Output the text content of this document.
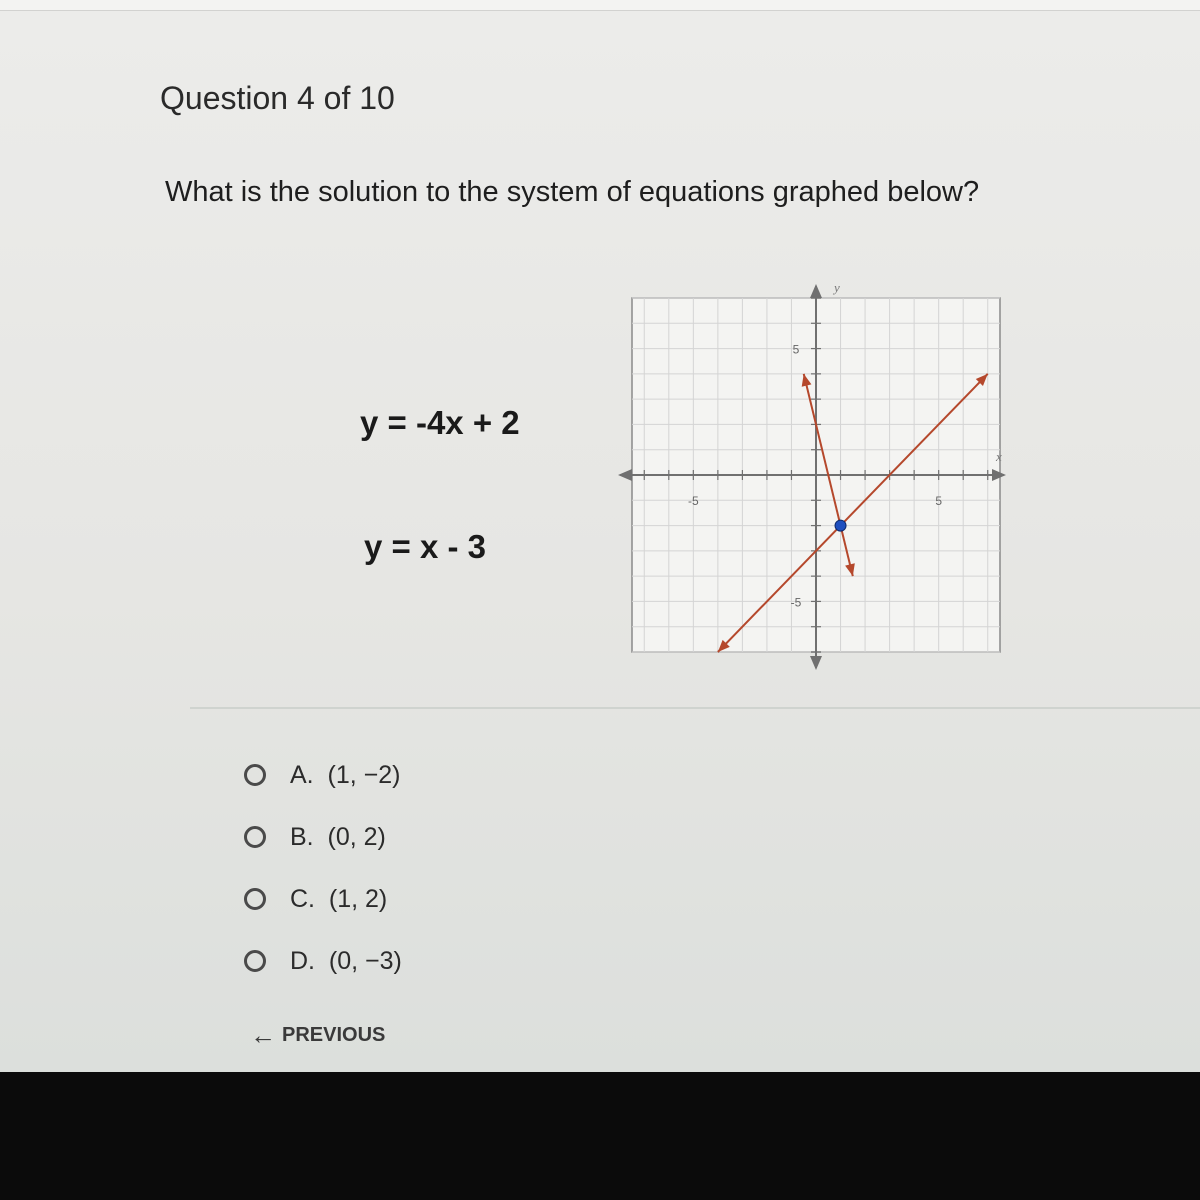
Question 4 of 10
What is the solution to the system of equations graphed below?
y = -4x + 2
y = x - 3
-5	5
5
-5
x
y
A. (1, −2)
B. (0, 2)
C. (1, 2)
D. (0, −3)
← PREVIOUS
